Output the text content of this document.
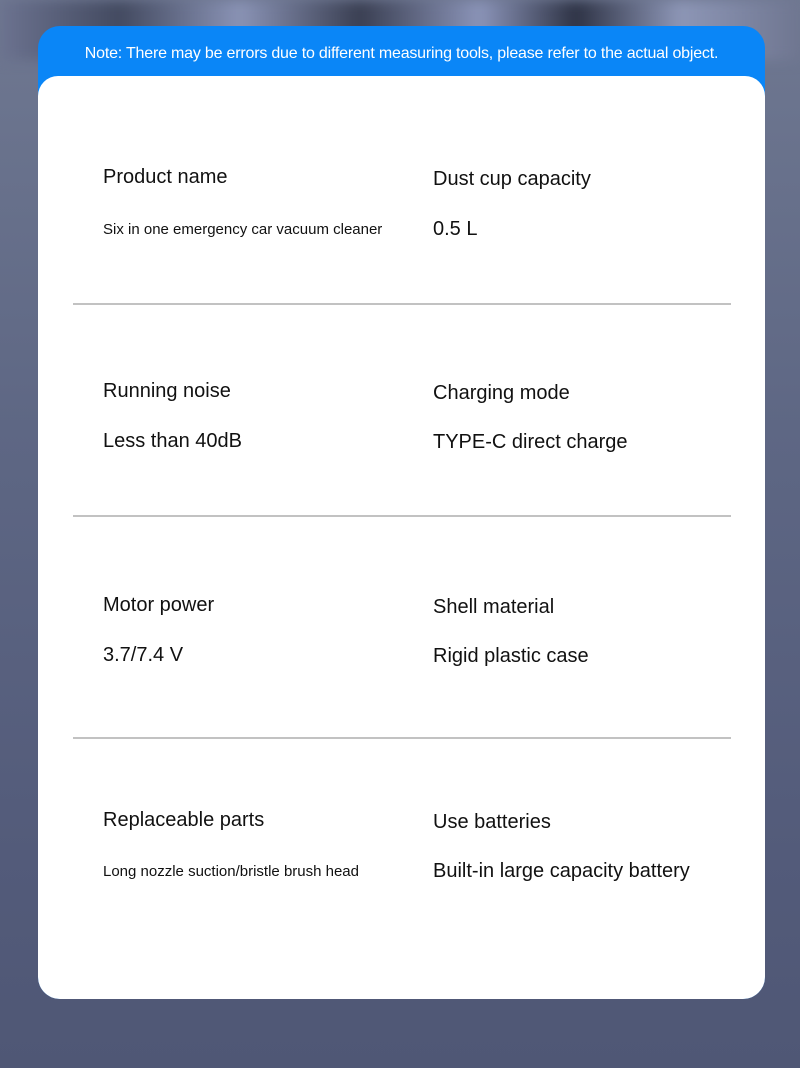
Note: There may be errors due to different measuring tools, please refer to the actual object.
Product name
Six in one emergency car vacuum cleaner
Dust cup capacity
0.5 L
Running noise
Less than 40dB
Charging mode
TYPE-C direct charge
Motor power
3.7/7.4 V
Shell material
Rigid plastic case
Replaceable parts
Long nozzle suction/bristle brush head
Use batteries
Built-in large capacity battery
